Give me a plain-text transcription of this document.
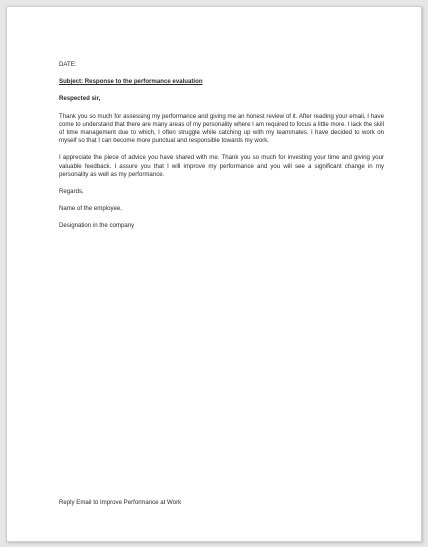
DATE:
Subject: Response to the performance evaluation
Respected sir,
Thank you so much for assessing my performance and giving me an honest review of it. After reading your email, I have come to understand that there are many areas of my personality where I am required to focus a little more. I lack the skill of time management due to which, I often struggle while catching up with my teammates. I have decided to work on myself so that I can become more punctual and responsible towards my work.
I appreciate the piece of advice you have shared with me. Thank you so much for investing your time and giving your valuable feedback. I assure you that I will improve my performance and you will see a significant change in my personality as well as my performance.
Regards,
Name of the employee,
Designation in the company
Reply Email to Improve Performance at Work
